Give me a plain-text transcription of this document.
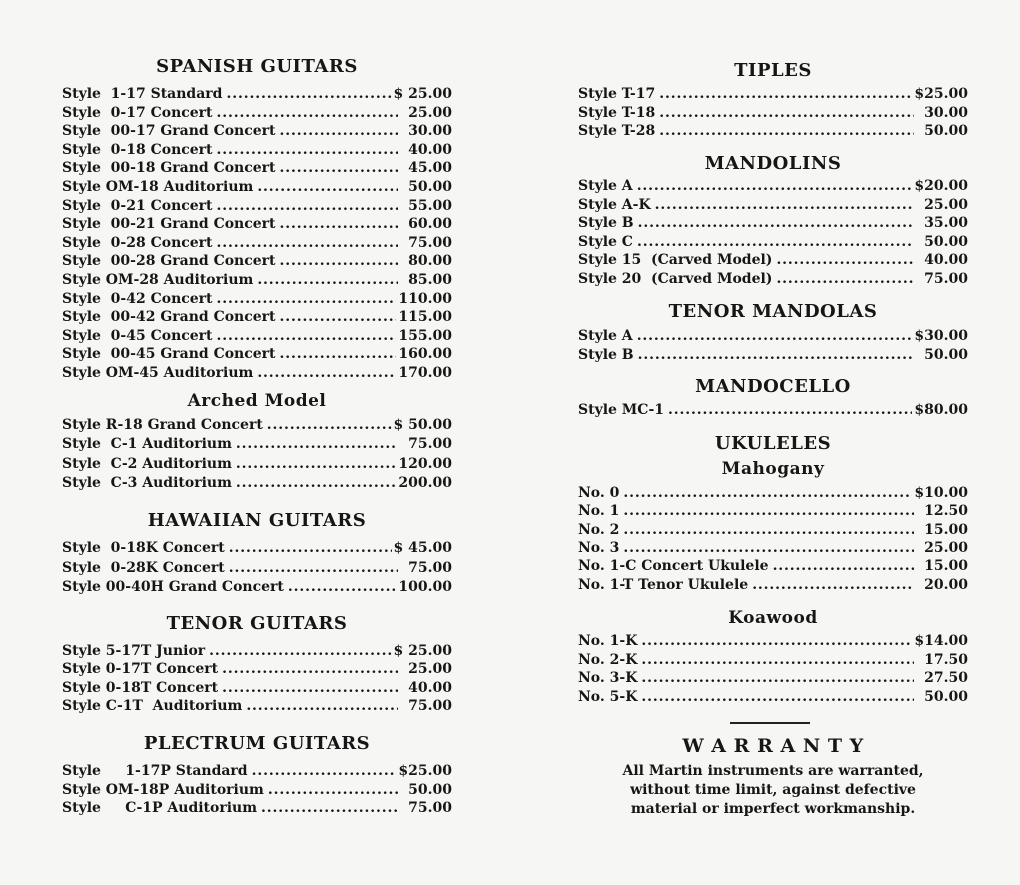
SPANISH GUITARS
Style  1-17 Standard . . .	$ 25.00
Style  0-17 Concert . . .	25.00
Style  00-17 Grand Concert . . .	30.00
Style  0-18 Concert . . .	40.00
Style  00-18 Grand Concert . . .	45.00
Style OM-18 Auditorium . . .	50.00
Style  0-21 Concert . . .	55.00
Style  00-21 Grand Concert . . .	60.00
Style  0-28 Concert . . .	75.00
Style  00-28 Grand Concert . . .	80.00
Style OM-28 Auditorium . . .	85.00
Style  0-42 Concert . . .	110.00
Style  00-42 Grand Concert . . .	115.00
Style  0-45 Concert . . .	155.00
Style  00-45 Grand Concert . . .	160.00
Style OM-45 Auditorium . . .	170.00
Arched Model
Style R-18 Grand Concert . . .	$ 50.00
Style  C-1 Auditorium . . .	75.00
Style  C-2 Auditorium . . .	120.00
Style  C-3 Auditorium . . .	200.00
HAWAIIAN GUITARS
Style  0-18K Concert . . .	$ 45.00
Style  0-28K Concert . . .	75.00
Style 00-40H Grand Concert . . .	100.00
TENOR GUITARS
Style 5-17T Junior . . .	$ 25.00
Style 0-17T Concert . . .	25.00
Style 0-18T Concert . . .	40.00
Style C-1T  Auditorium . . .	75.00
PLECTRUM GUITARS
Style     1-17P Standard . . .	$25.00
Style OM-18P Auditorium . . .	50.00
Style     C-1P Auditorium . . .	75.00
TIPLES
Style T-17 . . .	$25.00
Style T-18 . . .	30.00
Style T-28 . . .	50.00
MANDOLINS
Style A . . .	$20.00
Style A-K . . .	25.00
Style B . . .	35.00
Style C . . .	50.00
Style 15  (Carved Model) . . .	40.00
Style 20  (Carved Model) . . .	75.00
TENOR MANDOLAS
Style A . . .	$30.00
Style B . . .	50.00
MANDOCELLO
Style MC-1 . . .	$80.00
UKULELES
Mahogany
No. 0 . . .	$10.00
No. 1 . . .	12.50
No. 2 . . .	15.00
No. 3 . . .	25.00
No. 1-C Concert Ukulele . . .	15.00
No. 1-T Tenor Ukulele . . .	20.00
Koawood
No. 1-K . . .	$14.00
No. 2-K . . .	17.50
No. 3-K . . .	27.50
No. 5-K . . .	50.00
W A R R A N T Y
All Martin instruments are warranted,
without time limit, against defective
material or imperfect workmanship.
